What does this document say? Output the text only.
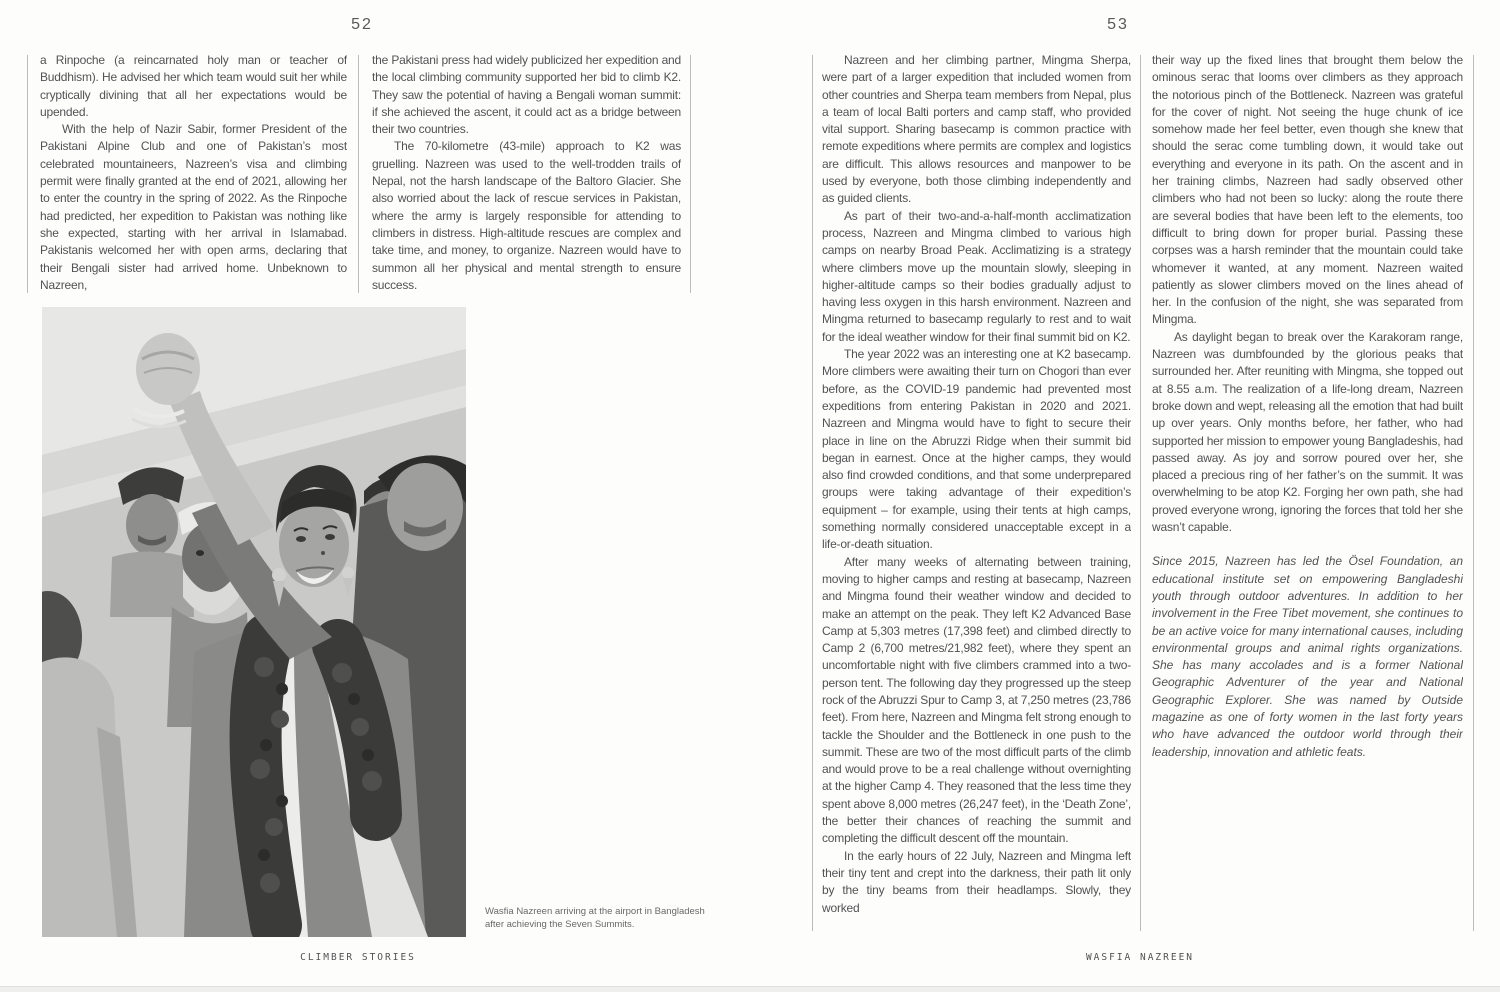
52

a Rinpoche (a reincarnated holy man or teacher of Buddhism). He advised her which team would suit her while cryptically divining that all her expectations would be upended.

With the help of Nazir Sabir, former President of the Pakistani Alpine Club and one of Pakistan’s most celebrated mountaineers, Nazreen’s visa and climbing permit were finally granted at the end of 2021, allowing her to enter the country in the spring of 2022. As the Rinpoche had predicted, her expedition to Pakistan was nothing like she expected, starting with her arrival in Islamabad. Pakistanis welcomed her with open arms, declaring that their Bengali sister had arrived home. Unbeknown to Nazreen,

the Pakistani press had widely publicized her expedition and the local climbing community supported her bid to climb K2. They saw the potential of having a Bengali woman summit: if she achieved the ascent, it could act as a bridge between their two countries.

The 70-kilometre (43-mile) approach to K2 was gruelling. Nazreen was used to the well-trodden trails of Nepal, not the harsh landscape of the Baltoro Glacier. She also worried about the lack of rescue services in Pakistan, where the army is largely responsible for attending to climbers in distress. High-altitude rescues are complex and take time, and money, to organize. Nazreen would have to summon all her physical and mental strength to ensure success.

Wasfia Nazreen arriving at the airport in Bangladesh after achieving the Seven Summits.
CLIMBER STORIES
53

Nazreen and her climbing partner, Mingma Sherpa, were part of a larger expedition that included women from other countries and Sherpa team members from Nepal, plus a team of local Balti porters and camp staff, who provided vital support. Sharing basecamp is common practice with remote expeditions where permits are complex and logistics are difficult. This allows resources and manpower to be used by everyone, both those climbing independently and as guided clients.

As part of their two-and-a-half-month acclimatization process, Nazreen and Mingma climbed to various high camps on nearby Broad Peak. Acclimatizing is a strategy where climbers move up the mountain slowly, sleeping in higher-altitude camps so their bodies gradually adjust to having less oxygen in this harsh environment. Nazreen and Mingma returned to basecamp regularly to rest and to wait for the ideal weather window for their final summit bid on K2.

The year 2022 was an interesting one at K2 basecamp. More climbers were awaiting their turn on Chogori than ever before, as the COVID-19 pandemic had prevented most expeditions from entering Pakistan in 2020 and 2021. Nazreen and Mingma would have to fight to secure their place in line on the Abruzzi Ridge when their summit bid began in earnest. Once at the higher camps, they would also find crowded conditions, and that some underprepared groups were taking advantage of their expedition’s equipment – for example, using their tents at high camps, something normally considered unacceptable except in a life-or-death situation.

After many weeks of alternating between training, moving to higher camps and resting at basecamp, Nazreen and Mingma found their weather window and decided to make an attempt on the peak. They left K2 Advanced Base Camp at 5,303 metres (17,398 feet) and climbed directly to Camp 2 (6,700 metres/21,982 feet), where they spent an uncomfortable night with five climbers crammed into a two-person tent. The following day they progressed up the steep rock of the Abruzzi Spur to Camp 3, at 7,250 metres (23,786 feet). From here, Nazreen and Mingma felt strong enough to tackle the Shoulder and the Bottleneck in one push to the summit. These are two of the most difficult parts of the climb and would prove to be a real challenge without overnighting at the higher Camp 4. They reasoned that the less time they spent above 8,000 metres (26,247 feet), in the ‘Death Zone’, the better their chances of reaching the summit and completing the difficult descent off the mountain.

In the early hours of 22 July, Nazreen and Mingma left their tiny tent and crept into the darkness, their path lit only by the tiny beams from their headlamps. Slowly, they worked

their way up the fixed lines that brought them below the ominous serac that looms over climbers as they approach the notorious pinch of the Bottleneck. Nazreen was grateful for the cover of night. Not seeing the huge chunk of ice somehow made her feel better, even though she knew that should the serac come tumbling down, it would take out everything and everyone in its path. On the ascent and in her training climbs, Nazreen had sadly observed other climbers who had not been so lucky: along the route there are several bodies that have been left to the elements, too difficult to bring down for proper burial. Passing these corpses was a harsh reminder that the mountain could take whomever it wanted, at any moment. Nazreen waited patiently as slower climbers moved on the lines ahead of her. In the confusion of the night, she was separated from Mingma.

As daylight began to break over the Karakoram range, Nazreen was dumbfounded by the glorious peaks that surrounded her. After reuniting with Mingma, she topped out at 8.55 a.m. The realization of a life-long dream, Nazreen broke down and wept, releasing all the emotion that had built up over years. Only months before, her father, who had supported her mission to empower young Bangladeshis, had passed away. As joy and sorrow poured over her, she placed a precious ring of her father’s on the summit. It was overwhelming to be atop K2. Forging her own path, she had proved everyone wrong, ignoring the forces that told her she wasn’t capable.

Since 2015, Nazreen has led the Ösel Foundation, an educational institute set on empowering Bangladeshi youth through outdoor adventures. In addition to her involvement in the Free Tibet movement, she continues to be an active voice for many international causes, including environmental groups and animal rights organizations. She has many accolades and is a former National Geographic Adventurer of the year and National Geographic Explorer. She was named by Outside magazine as one of forty women in the last forty years who have advanced the outdoor world through their leadership, innovation and athletic feats.

WASFIA NAZREEN
